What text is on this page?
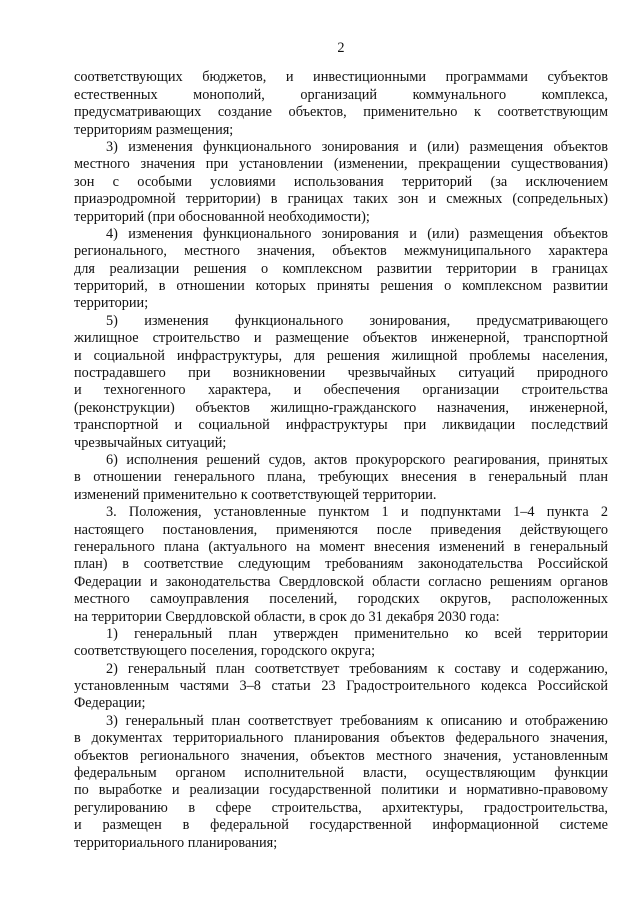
2
соответствующих бюджетов, и инвестиционными программами субъектов
естественных монополий, организаций коммунального комплекса,
предусматривающих создание объектов, применительно к соответствующим
территориям размещения;
3) изменения функционального зонирования и (или) размещения объектов
местного значения при установлении (изменении, прекращении существования)
зон с особыми условиями использования территорий (за исключением
приаэродромной территории) в границах таких зон и смежных (сопредельных)
территорий (при обоснованной необходимости);
4) изменения функционального зонирования и (или) размещения объектов
регионального, местного значения, объектов межмуниципального характера
для реализации решения о комплексном развитии территории в границах
территорий, в отношении которых приняты решения о комплексном развитии
территории;
5) изменения функционального зонирования, предусматривающего
жилищное строительство и размещение объектов инженерной, транспортной
и социальной инфраструктуры, для решения жилищной проблемы населения,
пострадавшего при возникновении чрезвычайных ситуаций природного
и техногенного характера, и обеспечения организации строительства
(реконструкции) объектов жилищно-гражданского назначения, инженерной,
транспортной и социальной инфраструктуры при ликвидации последствий
чрезвычайных ситуаций;
6) исполнения решений судов, актов прокурорского реагирования, принятых
в отношении генерального плана, требующих внесения в генеральный план
изменений применительно к соответствующей территории.
3. Положения, установленные пунктом 1 и подпунктами 1–4 пункта 2
настоящего постановления, применяются после приведения действующего
генерального плана (актуального на момент внесения изменений в генеральный
план) в соответствие следующим требованиям законодательства Российской
Федерации и законодательства Свердловской области согласно решениям органов
местного самоуправления поселений, городских округов, расположенных
на территории Свердловской области, в срок до 31 декабря 2030 года:
1) генеральный план утвержден применительно ко всей территории
соответствующего поселения, городского округа;
2) генеральный план соответствует требованиям к составу и содержанию,
установленным частями 3–8 статьи 23 Градостроительного кодекса Российской
Федерации;
3) генеральный план соответствует требованиям к описанию и отображению
в документах территориального планирования объектов федерального значения,
объектов регионального значения, объектов местного значения, установленным
федеральным органом исполнительной власти, осуществляющим функции
по выработке и реализации государственной политики и нормативно-правовому
регулированию в сфере строительства, архитектуры, градостроительства,
и размещен в федеральной государственной информационной системе
территориального планирования;
